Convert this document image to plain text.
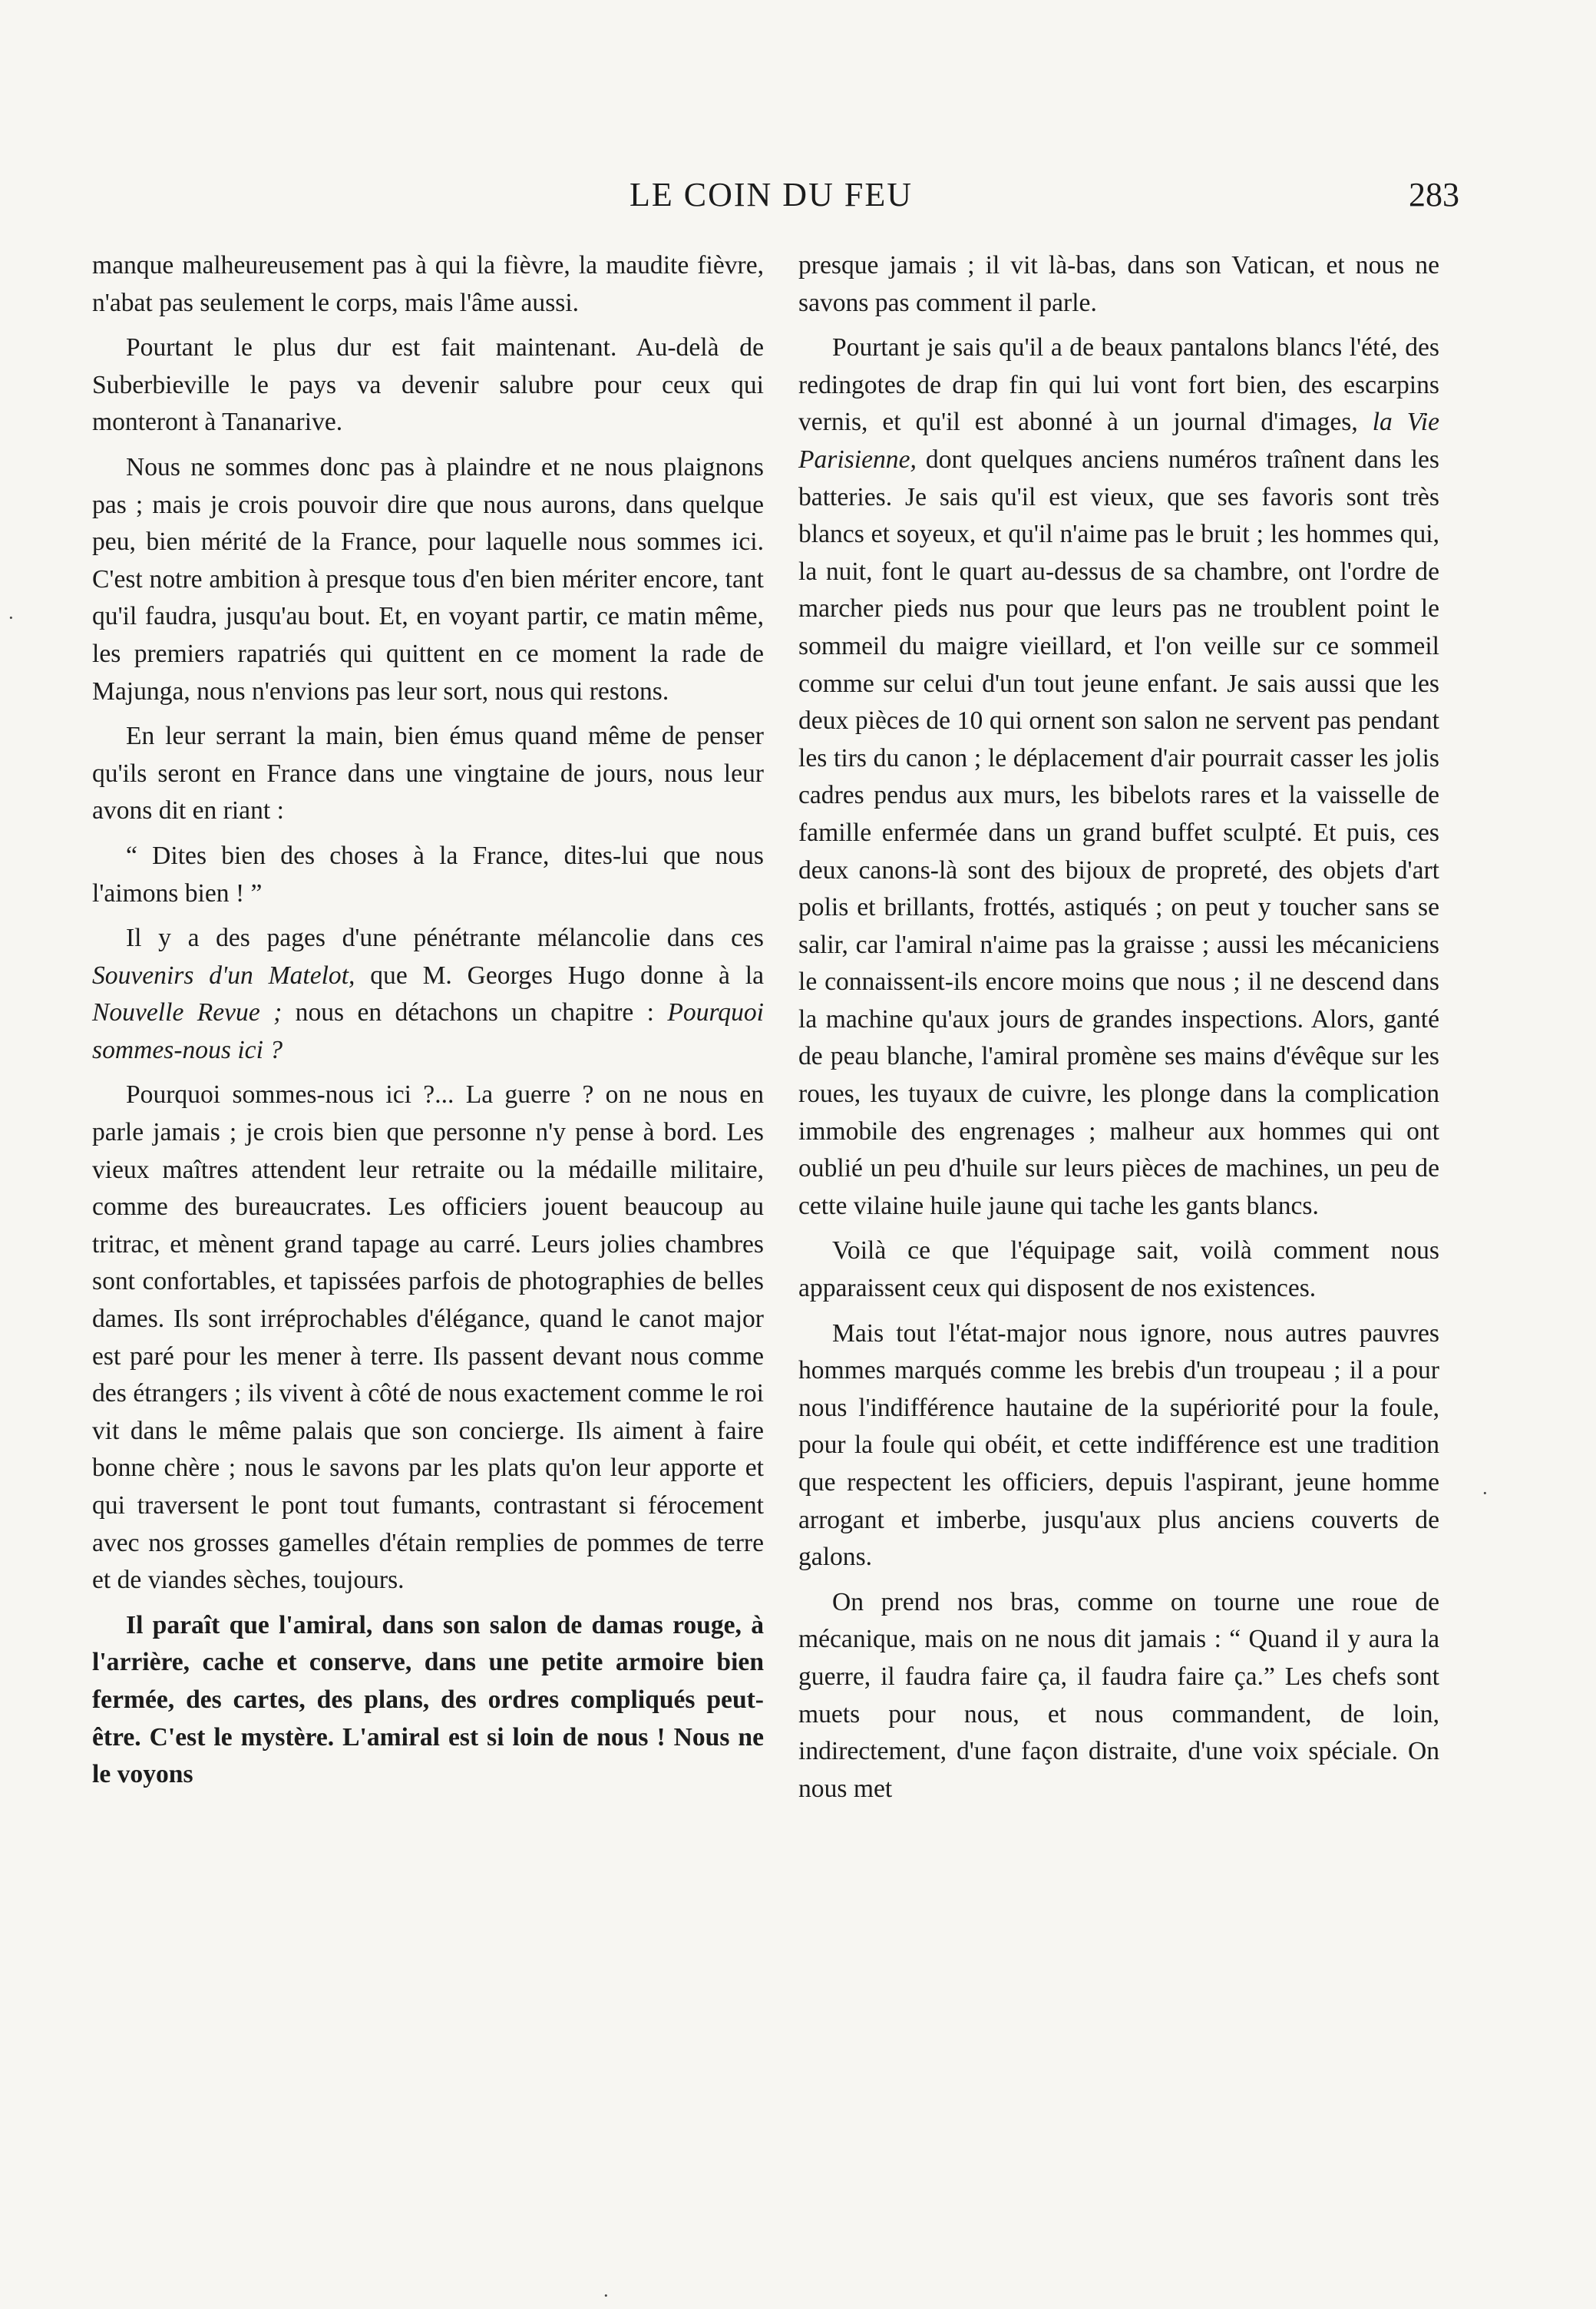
LE COIN DU FEU	283

manque malheureusement pas à qui la fièvre, la maudite fièvre, n'abat pas seulement le corps, mais l'âme aussi.

Pourtant le plus dur est fait maintenant. Au-delà de Suberbieville le pays va devenir salubre pour ceux qui monteront à Tananarive.

Nous ne sommes donc pas à plaindre et ne nous plaignons pas ; mais je crois pouvoir dire que nous aurons, dans quelque peu, bien mérité de la France, pour laquelle nous sommes ici. C'est notre ambition à presque tous d'en bien mériter encore, tant qu'il faudra, jusqu'au bout. Et, en voyant partir, ce matin même, les premiers rapatriés qui quittent en ce moment la rade de Majunga, nous n'envions pas leur sort, nous qui restons.

En leur serrant la main, bien émus quand même de penser qu'ils seront en France dans une vingtaine de jours, nous leur avons dit en riant :

“ Dites bien des choses à la France, dites-lui que nous l'aimons bien ! ”

Il y a des pages d'une pénétrante mélancolie dans ces Souvenirs d'un Matelot, que M. Georges Hugo donne à la Nouvelle Revue ; nous en détachons un chapitre : Pourquoi sommes-nous ici ?

Pourquoi sommes-nous ici ?... La guerre ? on ne nous en parle jamais ; je crois bien que personne n'y pense à bord. Les vieux maîtres attendent leur retraite ou la médaille militaire, comme des bureaucrates. Les officiers jouent beaucoup au tritrac, et mènent grand tapage au carré. Leurs jolies chambres sont confortables, et tapissées parfois de photographies de belles dames. Ils sont irréprochables d'élégance, quand le canot major est paré pour les mener à terre. Ils passent devant nous comme des étrangers ; ils vivent à côté de nous exactement comme le roi vit dans le même palais que son concierge. Ils aiment à faire bonne chère ; nous le savons par les plats qu'on leur apporte et qui traversent le pont tout fumants, contrastant si férocement avec nos grosses gamelles d'étain remplies de pommes de terre et de viandes sèches, toujours.

Il paraît que l'amiral, dans son salon de damas rouge, à l'arrière, cache et conserve, dans une petite armoire bien fermée, des cartes, des plans, des ordres compliqués peut-être. C'est le mystère. L'amiral est si loin de nous ! Nous ne le voyons

presque jamais ; il vit là-bas, dans son Vatican, et nous ne savons pas comment il parle.

Pourtant je sais qu'il a de beaux pantalons blancs l'été, des redingotes de drap fin qui lui vont fort bien, des escarpins vernis, et qu'il est abonné à un journal d'images, la Vie Parisienne, dont quelques anciens numéros traînent dans les batteries. Je sais qu'il est vieux, que ses favoris sont très blancs et soyeux, et qu'il n'aime pas le bruit ; les hommes qui, la nuit, font le quart au-dessus de sa chambre, ont l'ordre de marcher pieds nus pour que leurs pas ne troublent point le sommeil du maigre vieillard, et l'on veille sur ce sommeil comme sur celui d'un tout jeune enfant. Je sais aussi que les deux pièces de 10 qui ornent son salon ne servent pas pendant les tirs du canon ; le déplacement d'air pourrait casser les jolis cadres pendus aux murs, les bibelots rares et la vaisselle de famille enfermée dans un grand buffet sculpté. Et puis, ces deux canons-là sont des bijoux de propreté, des objets d'art polis et brillants, frottés, astiqués ; on peut y toucher sans se salir, car l'amiral n'aime pas la graisse ; aussi les mécaniciens le connaissent-ils encore moins que nous ; il ne descend dans la machine qu'aux jours de grandes inspections. Alors, ganté de peau blanche, l'amiral promène ses mains d'évêque sur les roues, les tuyaux de cuivre, les plonge dans la complication immobile des engrenages ; malheur aux hommes qui ont oublié un peu d'huile sur leurs pièces de machines, un peu de cette vilaine huile jaune qui tache les gants blancs.

Voilà ce que l'équipage sait, voilà comment nous apparaissent ceux qui disposent de nos existences.

Mais tout l'état-major nous ignore, nous autres pauvres hommes marqués comme les brebis d'un troupeau ; il a pour nous l'indifférence hautaine de la supériorité pour la foule, pour la foule qui obéit, et cette indifférence est une tradition que respectent les officiers, depuis l'aspirant, jeune homme arrogant et imberbe, jusqu'aux plus anciens couverts de galons.

On prend nos bras, comme on tourne une roue de mécanique, mais on ne nous dit jamais : “ Quand il y aura la guerre, il faudra faire ça, il faudra faire ça.” Les chefs sont muets pour nous, et nous commandent, de loin, indirectement, d'une façon distraite, d'une voix spéciale. On nous met

·
·
·
